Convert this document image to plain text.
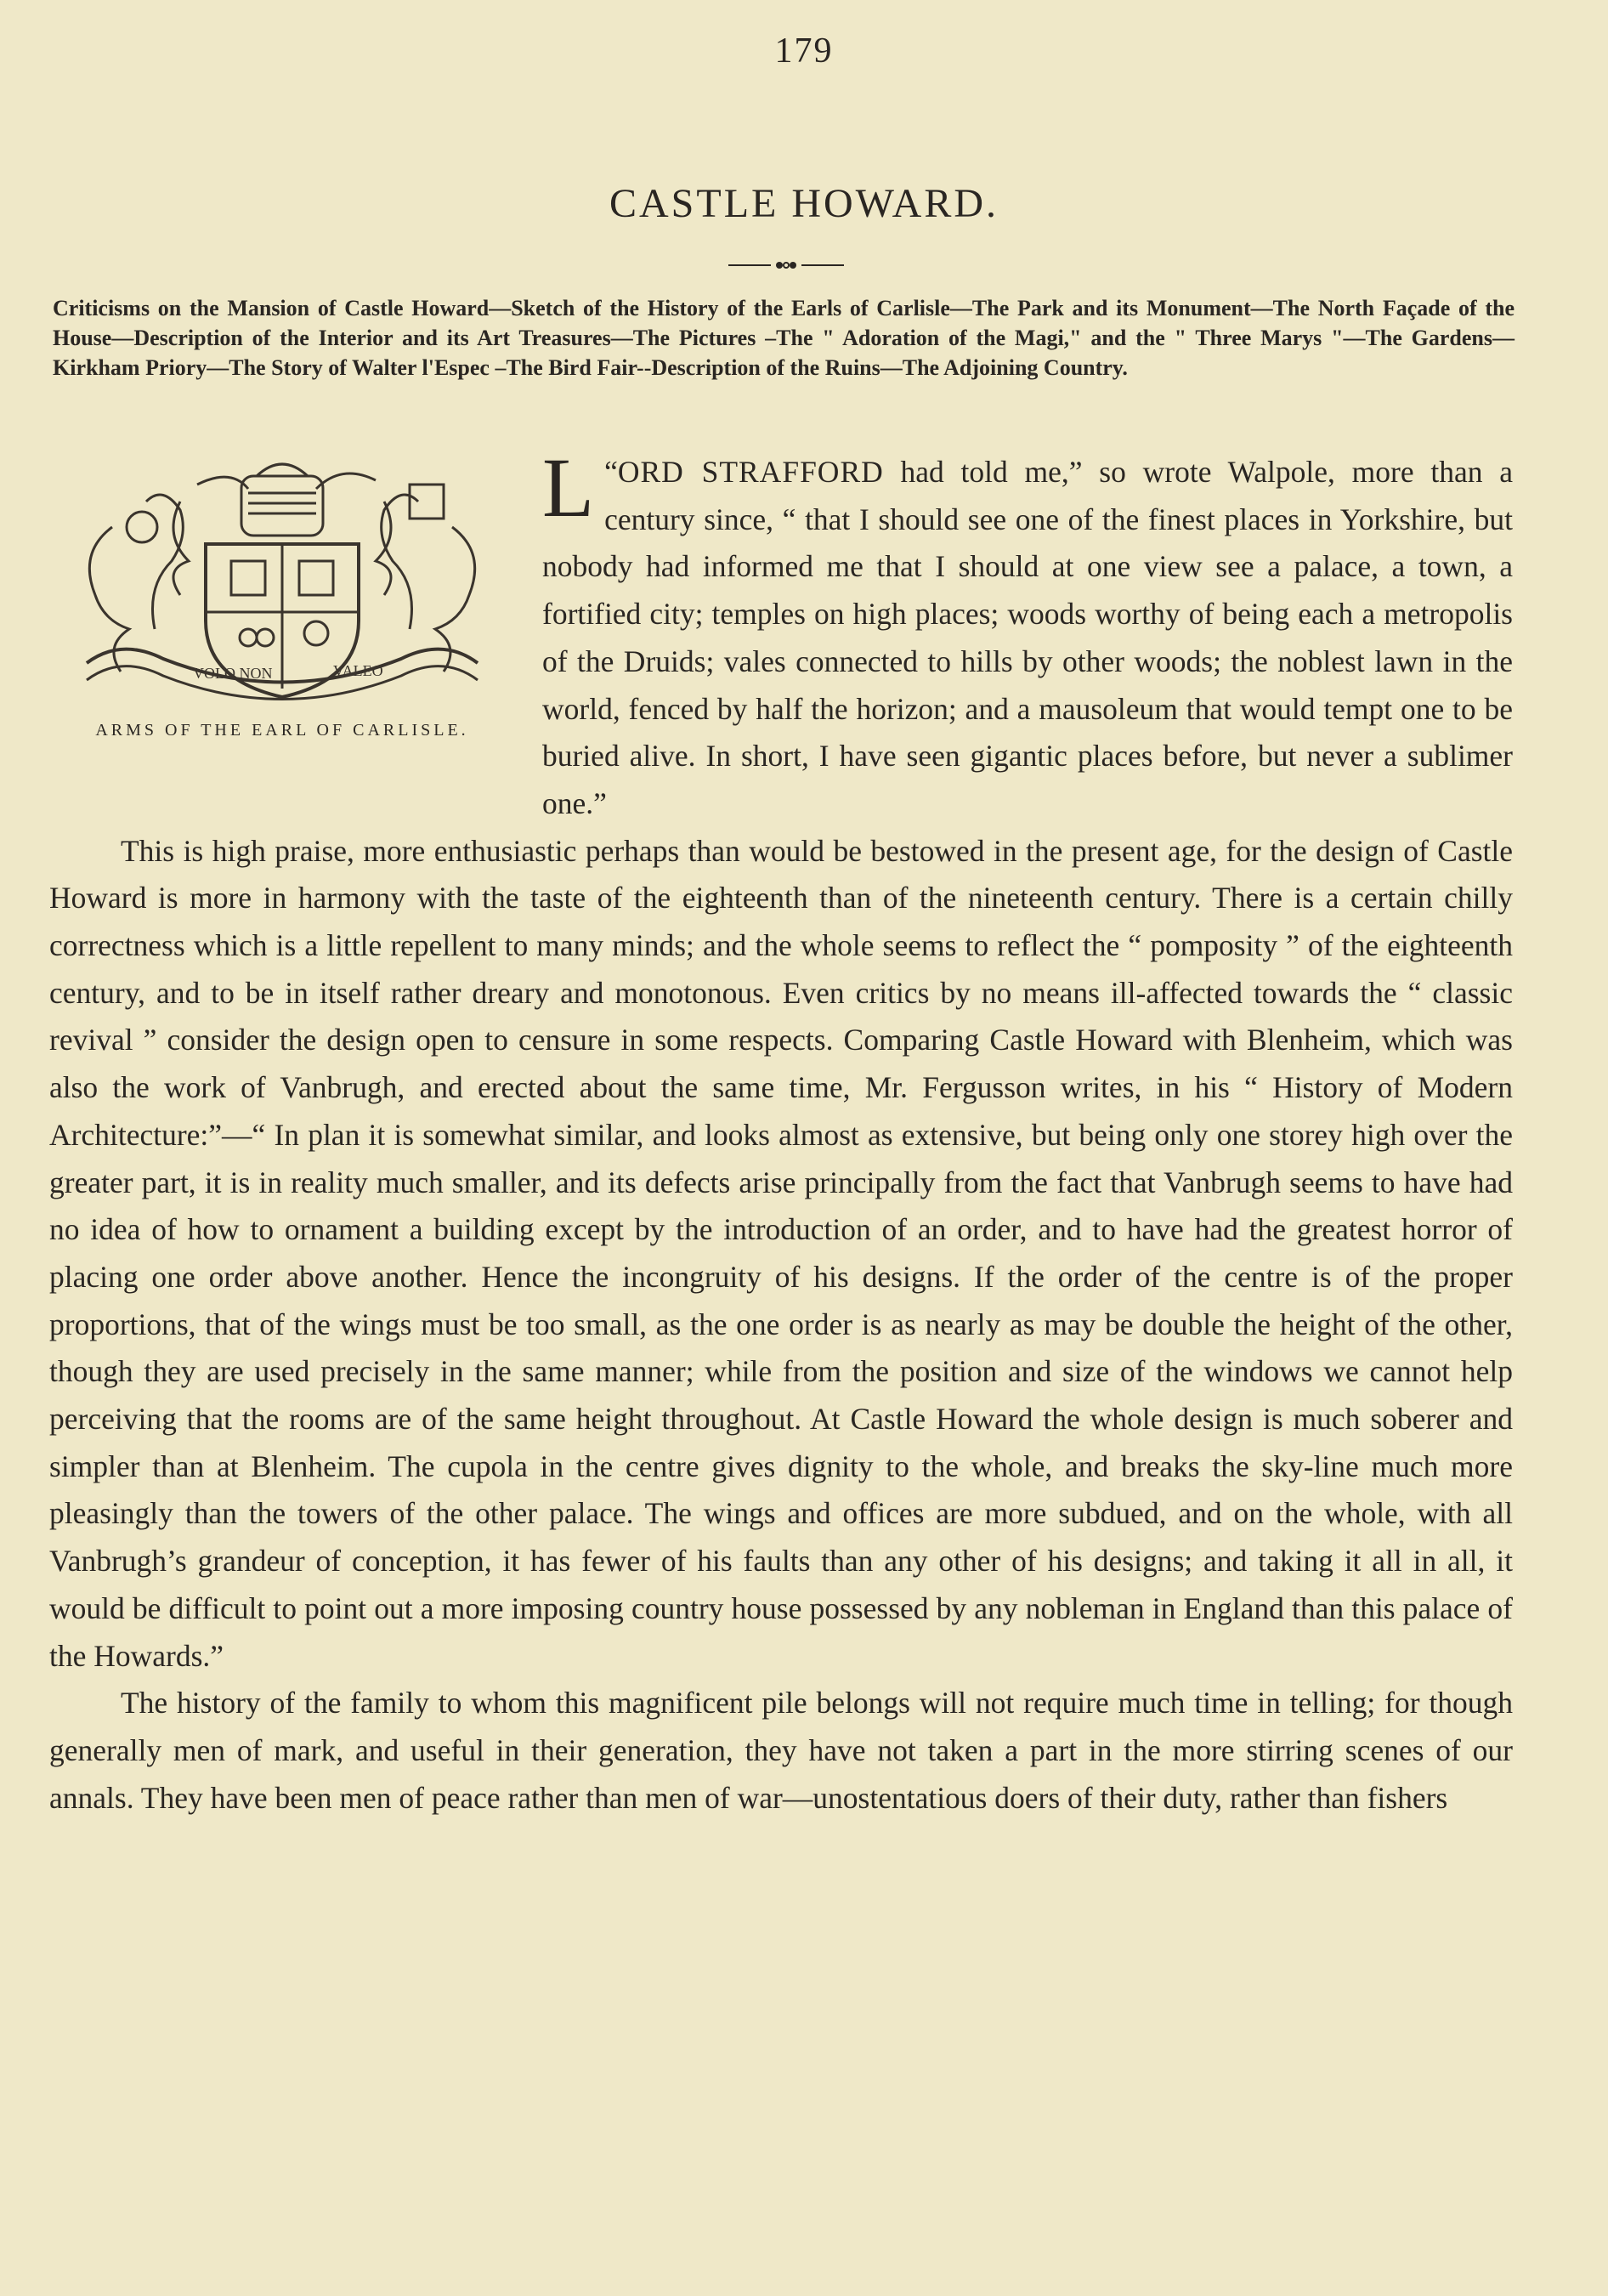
179
CASTLE HOWARD.
Criticisms on the Mansion of Castle Howard—Sketch of the History of the Earls of Carlisle—The Park and its Monument—The North Façade of the House—Description of the Interior and its Art Treasures—The Pictures –The " Adoration of the Magi," and the " Three Marys "—The Gardens—Kirkham Priory—The Story of Walter l'Espec –The Bird Fair--Description of the Ruins—The Adjoining Country.
VOLO NON	VALEO
ARMS OF THE EARL OF CARLISLE.

“
L ORD STRAFFORD had told me,” so wrote Walpole, more than a century since, “ that I should see one of the finest places in Yorkshire, but nobody had informed me that I should at one view see a palace, a town, a fortified city; temples on high places; woods worthy of being each a metropolis of the Druids; vales connected to hills by other woods; the noblest lawn in the world, fenced by half the horizon; and a mausoleum that would tempt one to be buried alive. In short, I have seen gigantic places before, but never a sublimer one.”

This is high praise, more enthusiastic perhaps than would be bestowed in the present age, for the design of Castle Howard is more in harmony with the taste of the eighteenth than of the nineteenth century. There is a certain chilly correctness which is a little repellent to many minds; and the whole seems to reflect the “ pomposity ” of the eighteenth century, and to be in itself rather dreary and monotonous. Even critics by no means ill-affected towards the “ classic revival ” consider the design open to censure in some respects. Comparing Castle Howard with Blenheim, which was also the work of Vanbrugh, and erected about the same time, Mr. Fergusson writes, in his “ History of Modern Architecture:”—“ In plan it is somewhat similar, and looks almost as extensive, but being only one storey high over the greater part, it is in reality much smaller, and its defects arise principally from the fact that Vanbrugh seems to have had no idea of how to ornament a building except by the introduction of an order, and to have had the greatest horror of placing one order above another. Hence the incongruity of his designs. If the order of the centre is of the proper proportions, that of the wings must be too small, as the one order is as nearly as may be double the height of the other, though they are used precisely in the same manner; while from the position and size of the windows we cannot help perceiving that the rooms are of the same height throughout. At Castle Howard the whole design is much soberer and simpler than at Blenheim. The cupola in the centre gives dignity to the whole, and breaks the sky-line much more pleasingly than the towers of the other palace. The wings and offices are more subdued, and on the whole, with all Vanbrugh’s grandeur of conception, it has fewer of his faults than any other of his designs; and taking it all in all, it would be difficult to point out a more imposing country house possessed by any nobleman in England than this palace of the Howards.”

The history of the family to whom this magnificent pile belongs will not require much time in telling; for though generally men of mark, and useful in their generation, they have not taken a part in the more stirring scenes of our annals. They have been men of peace rather than men of war—unostentatious doers of their duty, rather than fishers
